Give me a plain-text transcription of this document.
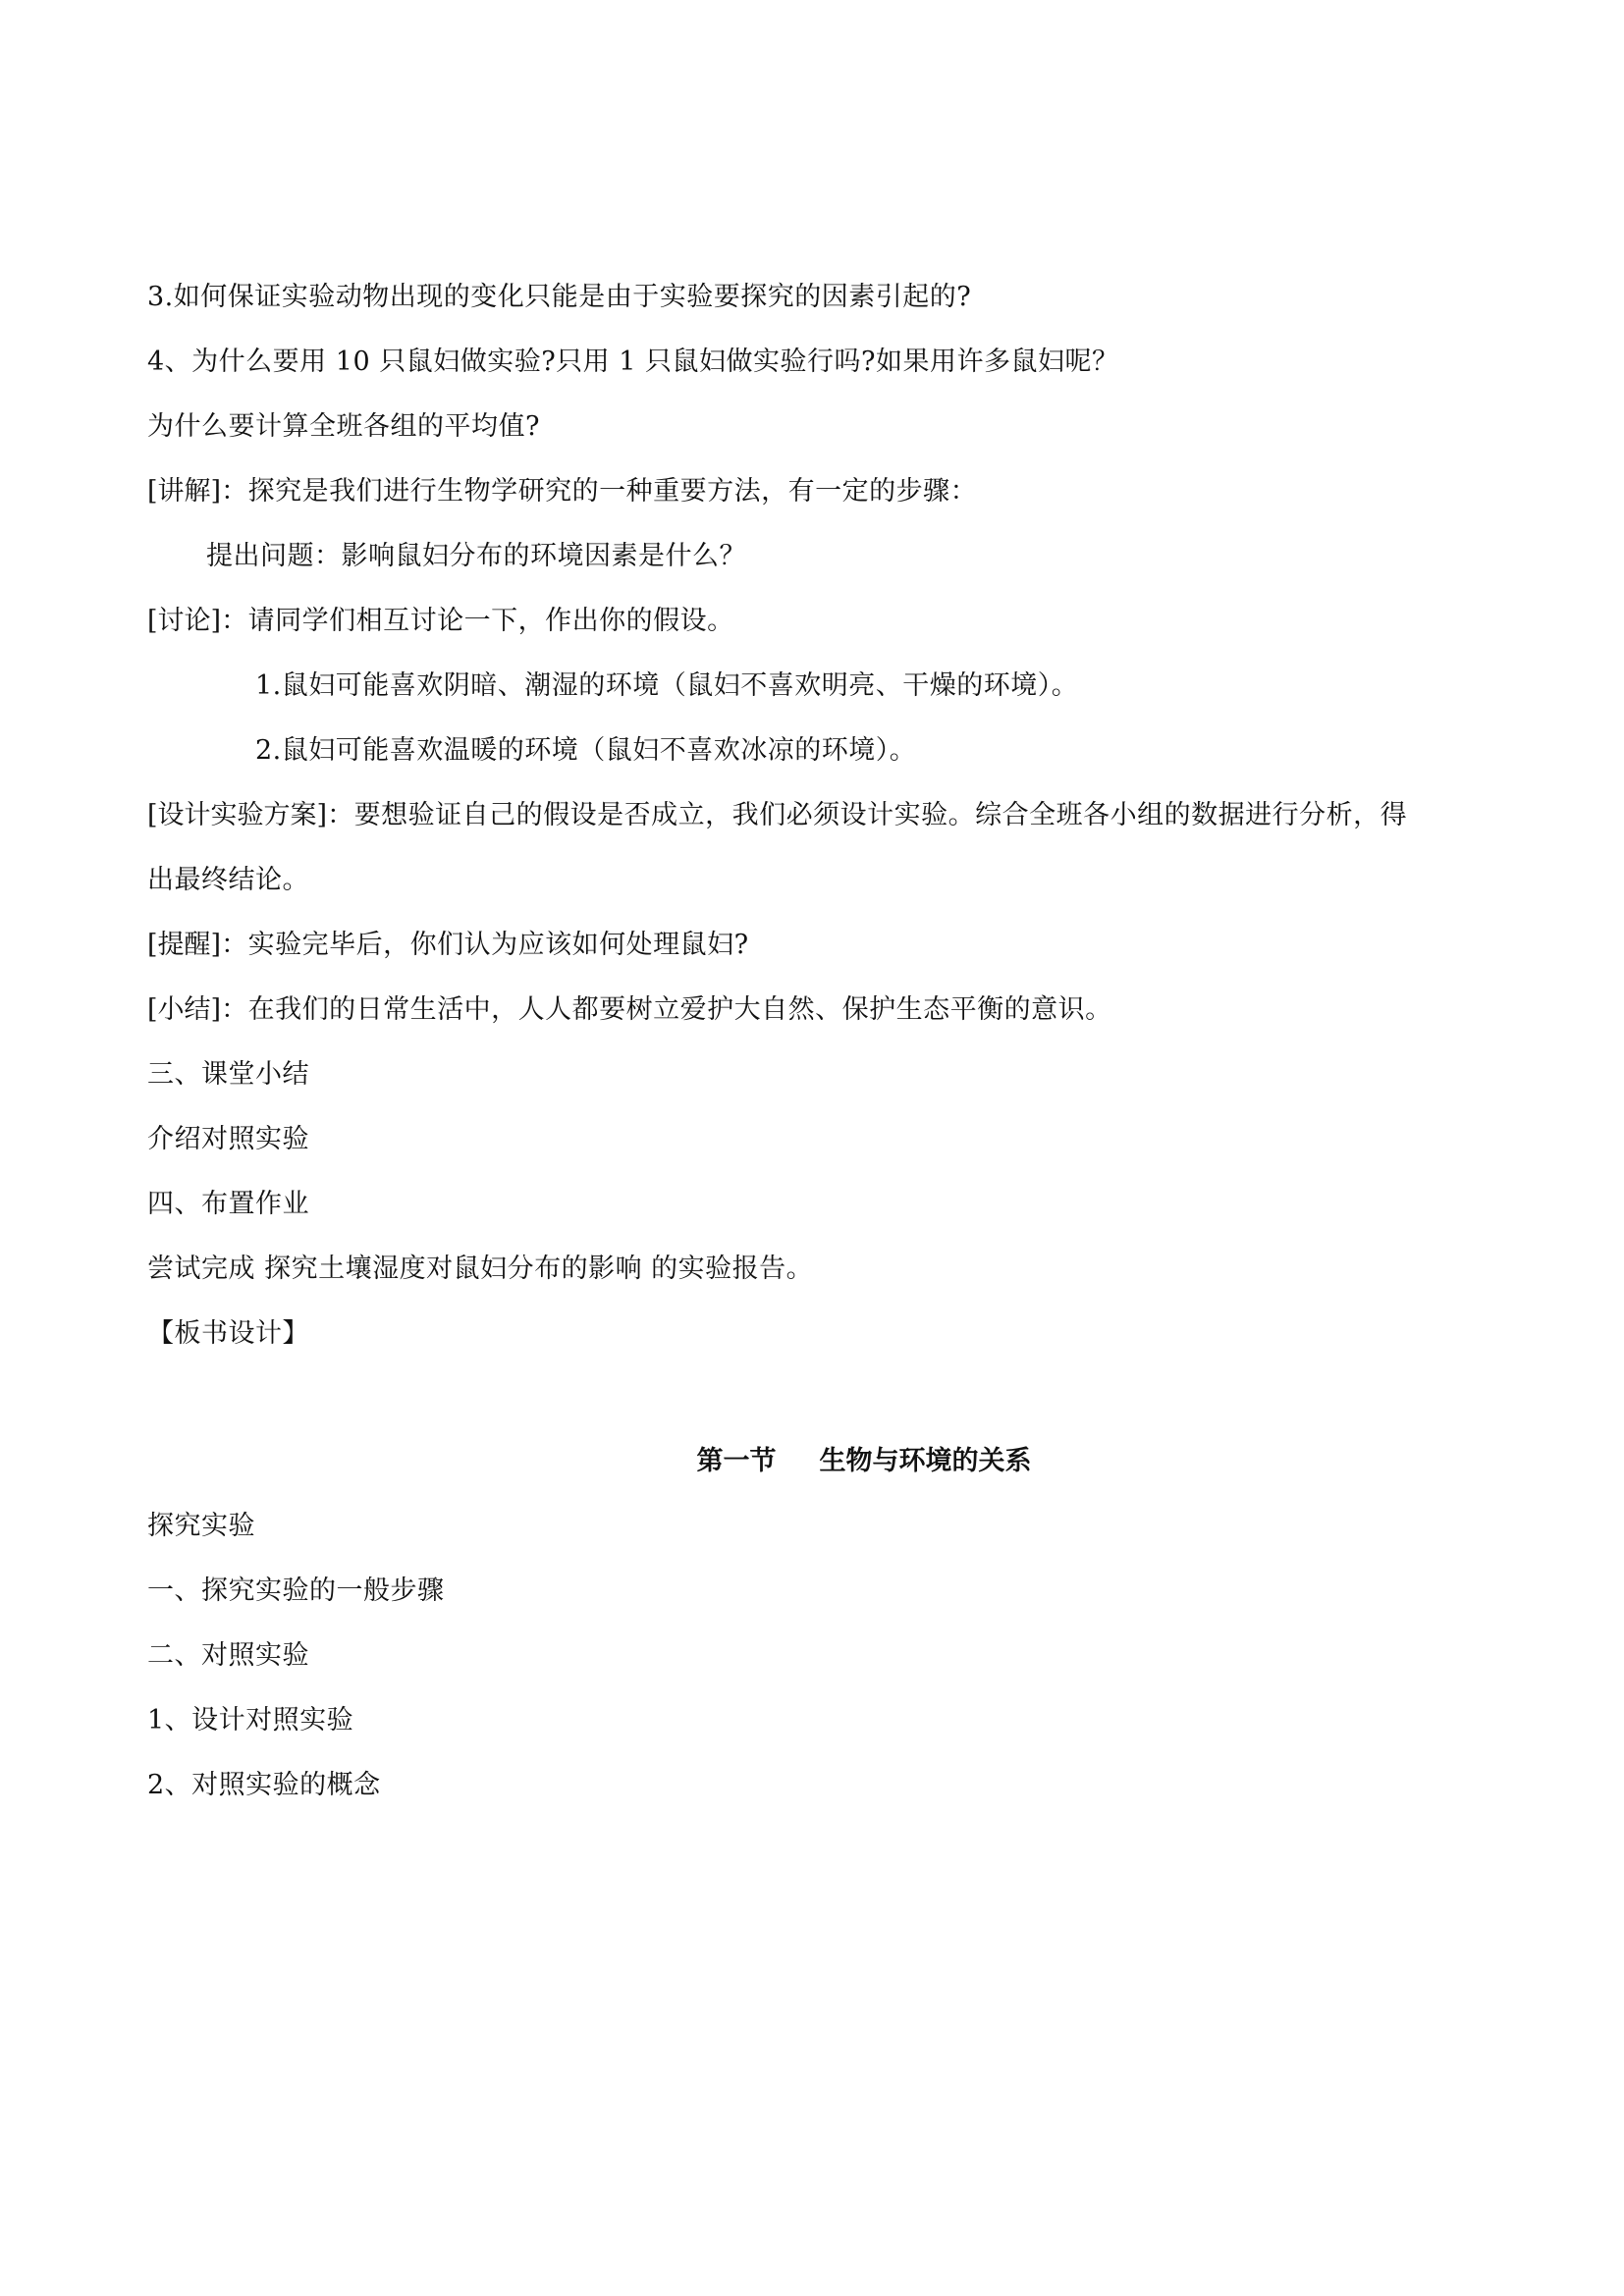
3.如何保证实验动物出现的变化只能是由于实验要探究的因素引起的?
4、为什么要用 10 只鼠妇做实验?只用 1 只鼠妇做实验行吗?如果用许多鼠妇呢？
为什么要计算全班各组的平均值?
[讲解]：探究是我们进行生物学研究的一种重要方法，有一定的步骤：
提出问题：影响鼠妇分布的环境因素是什么？
[讨论]：请同学们相互讨论一下，作出你的假设。
1.鼠妇可能喜欢阴暗、潮湿的环境（鼠妇不喜欢明亮、干燥的环境）。
2.鼠妇可能喜欢温暖的环境（鼠妇不喜欢冰凉的环境）。
[设计实验方案]：要想验证自己的假设是否成立，我们必须设计实验。综合全班各小组的数据进行分析，得
出最终结论。
[提醒]：实验完毕后，你们认为应该如何处理鼠妇?
[小结]：在我们的日常生活中，人人都要树立爱护大自然、保护生态平衡的意识。
三、课堂小结
介绍对照实验
四、布置作业
尝试完成 探究土壤湿度对鼠妇分布的影响 的实验报告。
【板书设计】
第一节 生物与环境的关系
探究实验
一、探究实验的一般步骤
二、对照实验
1、设计对照实验
2、对照实验的概念
